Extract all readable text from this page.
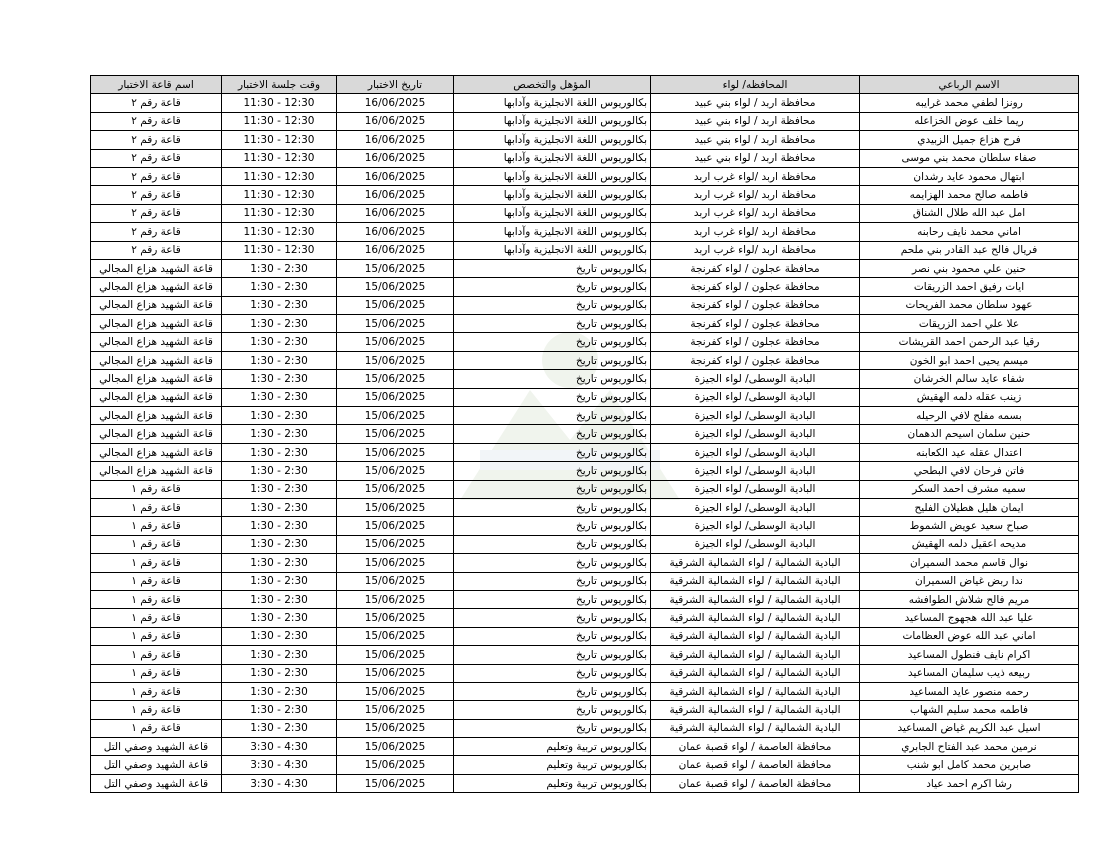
الاسم الرباعي	المحافظه/ لواء	المؤهل والتخصص	تاريخ الاختبار	وقت جلسة الاختبار	اسم قاعة الاختبار
رونزا لطفي محمد غرايبه	محافظة اربد / لواء بني عبيد	بكالوريوس اللغة الانجليزية وآدابها	16/06/2025	11:30 - 12:30	قاعة رقم ٢
ريما خلف عوض الخزاعله	محافظة اربد / لواء بني عبيد	بكالوريوس اللغة الانجليزية وآدابها	16/06/2025	11:30 - 12:30	قاعة رقم ٢
فرح هزاع جميل الزبيدي	محافظة اربد / لواء بني عبيد	بكالوريوس اللغة الانجليزية وآدابها	16/06/2025	11:30 - 12:30	قاعة رقم ٢
صفاء سلطان محمد بني موسى	محافظة اربد / لواء بني عبيد	بكالوريوس اللغة الانجليزية وآدابها	16/06/2025	11:30 - 12:30	قاعة رقم ٢
ابتهال محمود عايد رشدان	محافظة اربد /لواء غرب اربد	بكالوريوس اللغة الانجليزية وآدابها	16/06/2025	11:30 - 12:30	قاعة رقم ٢
فاطمه صالح محمد الهزايمه	محافظة اربد /لواء غرب اربد	بكالوريوس اللغة الانجليزية وآدابها	16/06/2025	11:30 - 12:30	قاعة رقم ٢
امل عبد الله طلال الشناق	محافظة اربد /لواء غرب اربد	بكالوريوس اللغة الانجليزية وآدابها	16/06/2025	11:30 - 12:30	قاعة رقم ٢
اماني محمد نايف رحابنه	محافظة اربد /لواء غرب اربد	بكالوريوس اللغة الانجليزية وآدابها	16/06/2025	11:30 - 12:30	قاعة رقم ٢
فريال فالح عبد القادر بني ملحم	محافظة اربد /لواء غرب اربد	بكالوريوس اللغة الانجليزية وآدابها	16/06/2025	11:30 - 12:30	قاعة رقم ٢
حنين علي محمود بني نصر	محافظة عجلون / لواء كفرنجة	بكالوريوس تاريخ	15/06/2025	1:30 - 2:30	قاعة الشهيد هزاع المجالي
ايات رفيق احمد الزريقات	محافظة عجلون / لواء كفرنجة	بكالوريوس تاريخ	15/06/2025	1:30 - 2:30	قاعة الشهيد هزاع المجالي
عهود سلطان محمد الفريحات	محافظة عجلون / لواء كفرنجة	بكالوريوس تاريخ	15/06/2025	1:30 - 2:30	قاعة الشهيد هزاع المجالي
علا علي احمد الزريقات	محافظة عجلون / لواء كفرنجة	بكالوريوس تاريخ	15/06/2025	1:30 - 2:30	قاعة الشهيد هزاع المجالي
رقيا عبد الرحمن احمد القريشات	محافظة عجلون / لواء كفرنجة	بكالوريوس تاريخ	15/06/2025	1:30 - 2:30	قاعة الشهيد هزاع المجالي
ميسم يحيى احمد ابو الخون	محافظة عجلون / لواء كفرنجة	بكالوريوس تاريخ	15/06/2025	1:30 - 2:30	قاعة الشهيد هزاع المجالي
شفاء عايد سالم الخرشان	البادية الوسطى/ لواء الجيزة	بكالوريوس تاريخ	15/06/2025	1:30 - 2:30	قاعة الشهيد هزاع المجالي
زينب عقله دلمه الهقيش	البادية الوسطى/ لواء الجيزة	بكالوريوس تاريخ	15/06/2025	1:30 - 2:30	قاعة الشهيد هزاع المجالي
بسمه مفلح لافي الرحيله	البادية الوسطى/ لواء الجيزة	بكالوريوس تاريخ	15/06/2025	1:30 - 2:30	قاعة الشهيد هزاع المجالي
حنين سلمان اسيحم الدهمان	البادية الوسطى/ لواء الجيزة	بكالوريوس تاريخ	15/06/2025	1:30 - 2:30	قاعة الشهيد هزاع المجالي
اعتدال عقله عيد الكعابنه	البادية الوسطى/ لواء الجيزة	بكالوريوس تاريخ	15/06/2025	1:30 - 2:30	قاعة الشهيد هزاع المجالي
فاتن فرحان لافي البطحي	البادية الوسطى/ لواء الجيزة	بكالوريوس تاريخ	15/06/2025	1:30 - 2:30	قاعة الشهيد هزاع المجالي
سميه مشرف احمد السكر	البادية الوسطى/ لواء الجيزة	بكالوريوس تاريخ	15/06/2025	1:30 - 2:30	قاعة رقم ١
ايمان هليل هطيلان الفليح	البادية الوسطى/ لواء الجيزة	بكالوريوس تاريخ	15/06/2025	1:30 - 2:30	قاعة رقم ١
صباح سعيد عويض الشموط	البادية الوسطى/ لواء الجيزة	بكالوريوس تاريخ	15/06/2025	1:30 - 2:30	قاعة رقم ١
مديحه اعقيل دلمه الهقيش	البادية الوسطى/ لواء الجيزة	بكالوريوس تاريخ	15/06/2025	1:30 - 2:30	قاعة رقم ١
نوال قاسم محمد السميران	البادية الشمالية / لواء الشمالية الشرقية	بكالوريوس تاريخ	15/06/2025	1:30 - 2:30	قاعة رقم ١
ندا ربض غياض السميران	البادية الشمالية / لواء الشمالية الشرقية	بكالوريوس تاريخ	15/06/2025	1:30 - 2:30	قاعة رقم ١
مريم فالح شلاش الطوافشه	البادية الشمالية / لواء الشمالية الشرقية	بكالوريوس تاريخ	15/06/2025	1:30 - 2:30	قاعة رقم ١
عليا عبد الله هجهوج المساعيد	البادية الشمالية / لواء الشمالية الشرقية	بكالوريوس تاريخ	15/06/2025	1:30 - 2:30	قاعة رقم ١
اماني عبد الله عوض العظامات	البادية الشمالية / لواء الشمالية الشرقية	بكالوريوس تاريخ	15/06/2025	1:30 - 2:30	قاعة رقم ١
اكرام نايف فنطول المساعيد	البادية الشمالية / لواء الشمالية الشرقية	بكالوريوس تاريخ	15/06/2025	1:30 - 2:30	قاعة رقم ١
ربيعه ذيب سليمان المساعيد	البادية الشمالية / لواء الشمالية الشرقية	بكالوريوس تاريخ	15/06/2025	1:30 - 2:30	قاعة رقم ١
رحمه منصور عايد المساعيد	البادية الشمالية / لواء الشمالية الشرقية	بكالوريوس تاريخ	15/06/2025	1:30 - 2:30	قاعة رقم ١
فاطمه محمد سليم الشهاب	البادية الشمالية / لواء الشمالية الشرقية	بكالوريوس تاريخ	15/06/2025	1:30 - 2:30	قاعة رقم ١
اسيل عبد الكريم غياض المساعيد	البادية الشمالية / لواء الشمالية الشرقية	بكالوريوس تاريخ	15/06/2025	1:30 - 2:30	قاعة رقم ١
نرمين محمد عبد الفتاح الجابري	محافظة العاصمة / لواء قصبة عمان	بكالوريوس تربية وتعليم	15/06/2025	3:30 - 4:30	قاعة الشهيد وصفي التل
صابرين محمد كامل ابو شنب	محافظة العاصمة / لواء قصبة عمان	بكالوريوس تربية وتعليم	15/06/2025	3:30 - 4:30	قاعة الشهيد وصفي التل
رشا اكرم احمد عياد	محافظة العاصمة / لواء قصبة عمان	بكالوريوس تربية وتعليم	15/06/2025	3:30 - 4:30	قاعة الشهيد وصفي التل
